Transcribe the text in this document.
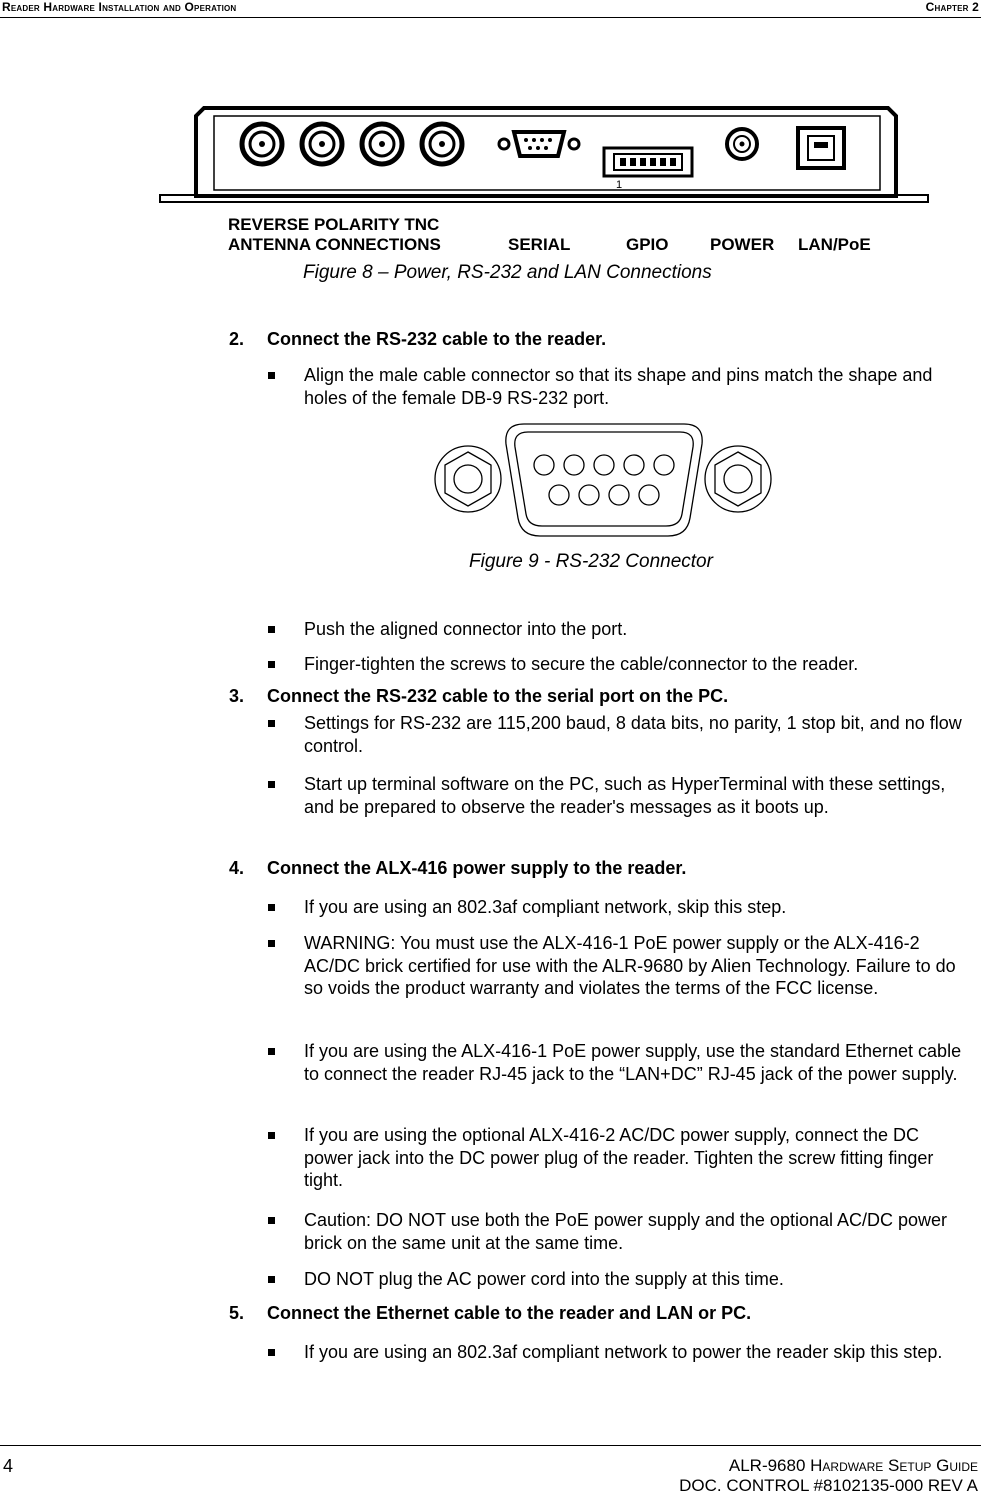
Reader Hardware Installation and Operation	Chapter 2
1
REVERSE POLARITY TNC
ANTENNA CONNECTIONS	SERIAL	GPIO POWER LAN/PoE
Figure 8 – Power, RS-232 and LAN Connections
2. Connect the RS-232 cable to the reader.
Align the male cable connector so that its shape and pins match the shape and holes of the female DB-9 RS-232 port.
Figure 9 - RS-232 Connector
Push the aligned connector into the port.
Finger-tighten the screws to secure the cable/connector to the reader.
3. Connect the RS-232 cable to the serial port on the PC.
Settings for RS-232 are 115,200 baud, 8 data bits, no parity, 1 stop bit, and no flow control.
Start up terminal software on the PC, such as HyperTerminal with these settings, and be prepared to observe the reader's messages as it boots up.
4. Connect the ALX-416 power supply to the reader.
If you are using an 802.3af compliant network, skip this step.
WARNING: You must use the ALX-416-1 PoE power supply or the ALX-416-2 AC/DC brick certified for use with the ALR-9680 by Alien Technology. Failure to do so voids the product warranty and violates the terms of the FCC license.
If you are using the ALX-416-1 PoE power supply, use the standard Ethernet cable to connect the reader RJ-45 jack to the “LAN+DC” RJ-45 jack of the power supply.
If you are using the optional ALX-416-2 AC/DC power supply, connect the DC power jack into the DC power plug of the reader. Tighten the screw fitting finger tight.
Caution: DO NOT use both the PoE power supply and the optional AC/DC power brick on the same unit at the same time.
DO NOT plug the AC power cord into the supply at this time.
5. Connect the Ethernet cable to the reader and LAN or PC.
If you are using an 802.3af compliant network to power the reader skip this step.
4	ALR-9680 Hardware Setup Guide
DOC. CONTROL #8102135-000 REV A
